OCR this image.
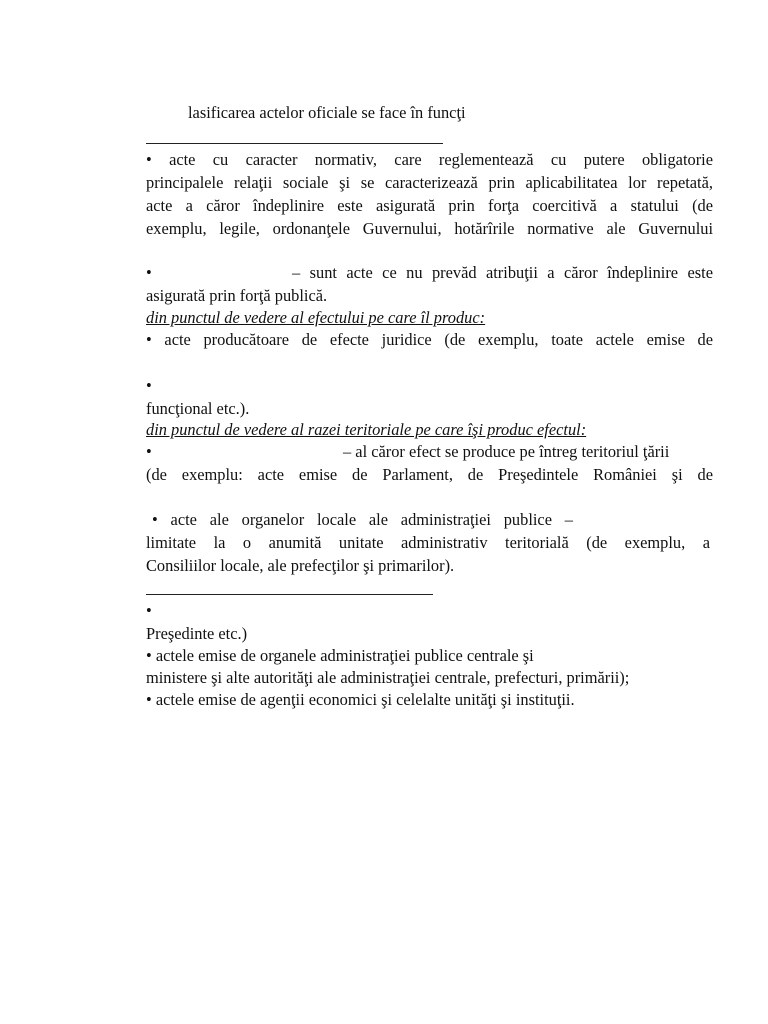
lasificarea actelor oficiale se face în funcţi
• acte cu caracter normativ, care reglementează cu putere obligatorie
principalele relaţii sociale şi se caracterizează prin aplicabilitatea lor repetată,
acte a căror îndeplinire este asigurată prin forţa coercitivă a statului (de
exemplu, legile, ordonanţele Guvernului, hotărîrile normative ale Guvernului
•	– sunt acte ce nu prevăd atribuţii a căror îndeplinire este
asigurată prin forţă publică.
din punctul de vedere al efectului pe care îl produc:
• acte producătoare de efecte juridice (de exemplu, toate actele emise de
•
funcţional etc.).
din punctul de vedere al razei teritoriale pe care îşi produc efectul:
•	– al căror efect se produce pe întreg teritoriul ţării
(de exemplu: acte emise de Parlament, de Preşedintele României şi de
• acte ale organelor locale ale administraţiei publice –
limitate la o anumită unitate administrativ teritorială (de exemplu, a
Consiliilor locale, ale prefecţilor şi primarilor).
•
Preşedinte etc.)
• actele emise de organele administraţiei publice centrale şi
ministere şi alte autorităţi ale administraţiei centrale, prefecturi, primării);
• actele emise de agenţii economici şi celelalte unităţi şi instituţii.
